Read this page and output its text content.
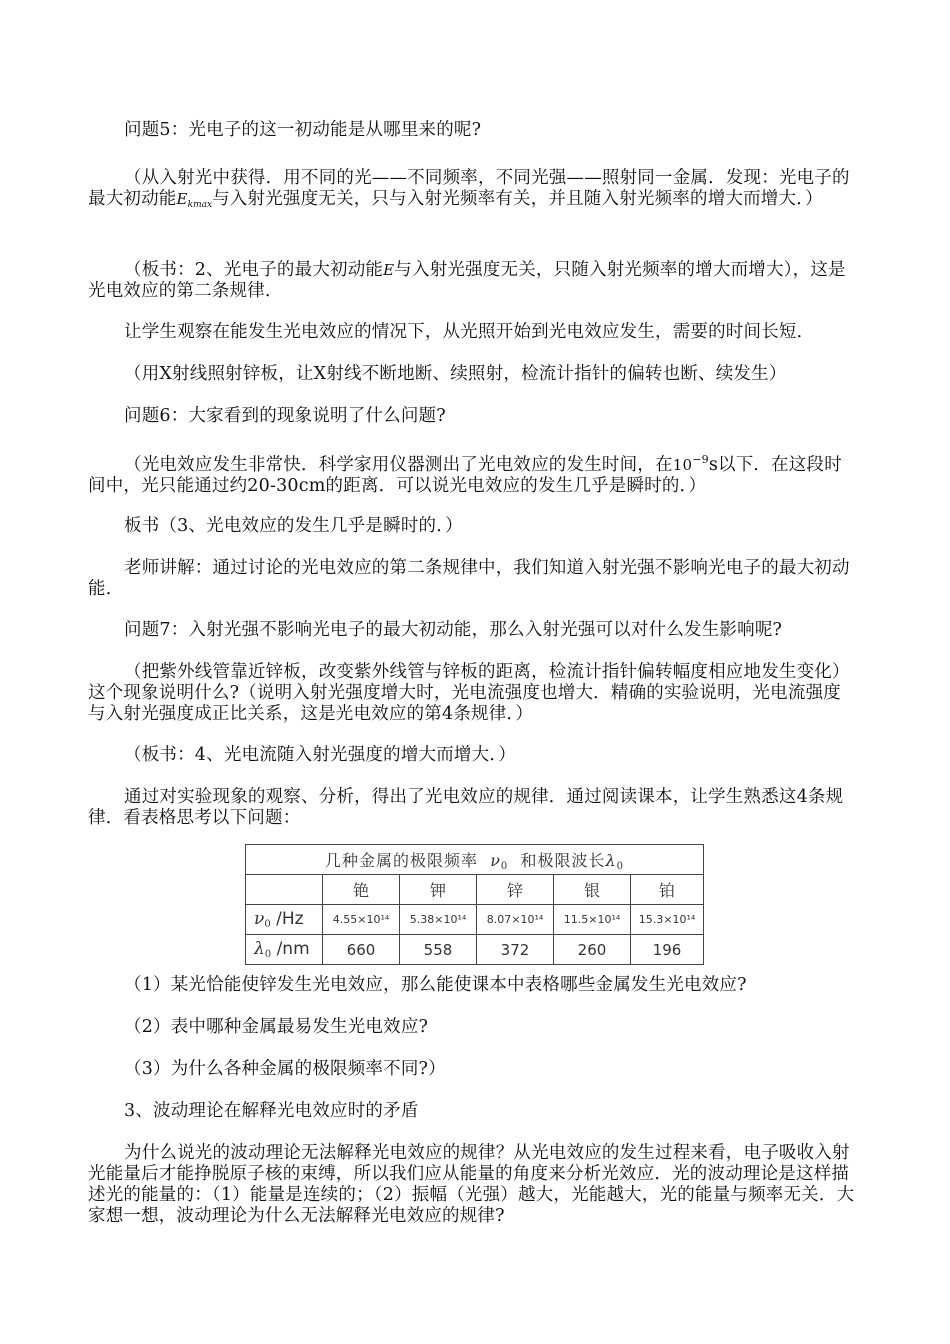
问题5：光电子的这一初动能是从哪里来的呢?
（从入射光中获得．用不同的光——不同频率，不同光强——照射同一金属．发现：光电子的最大初动能$E_{kmax}$与入射光强度无关，只与入射光频率有关，并且随入射光频率的增大而增大．）
（板书：2、光电子的最大初动能E与入射光强度无关，只随入射光频率的增大而增大），这是光电效应的第二条规律．
让学生观察在能发生光电效应的情况下，从光照开始到光电效应发生，需要的时间长短．
（用X射线照射锌板，让X射线不断地断、续照射，检流计指针的偏转也断、续发生）
问题6：大家看到的现象说明了什么问题?
（光电效应发生非常快．科学家用仪器测出了光电效应的发生时间，在$10^{-9}s$以下．在这段时间中，光只能通过约20-30cm的距离．可以说光电效应的发生几乎是瞬时的．）
板书（3、光电效应的发生几乎是瞬时的．）
老师讲解：通过讨论的光电效应的第二条规律中，我们知道入射光强不影响光电子的最大初动能．
问题7：入射光强不影响光电子的最大初动能，那么入射光强可以对什么发生影响呢?
（把紫外线管靠近锌板，改变紫外线管与锌板的距离，检流计指针偏转幅度相应地发生变化）这个现象说明什么?（说明入射光强度增大时，光电流强度也增大．精确的实验说明，光电流强度与入射光强度成正比关系，这是光电效应的第4条规律．）
（板书：4、光电流随入射光强度的增大而增大．）
通过对实验现象的观察、分析，得出了光电效应的规律．通过阅读课本，让学生熟悉这4条规律．看表格思考以下问题：
几种金属的极限频率 ν0 和极限波长λ0					
	铯	钾	锌	银	铂
ν0 /Hz	4.55×10¹⁴	5.38×10¹⁴	8.07×10¹⁴	11.5×10¹⁴	15.3×10¹⁴
λ0 /nm	660	558	372	260	196
（1）某光恰能使锌发生光电效应，那么能使课本中表格哪些金属发生光电效应?
（2）表中哪种金属最易发生光电效应?
（3）为什么各种金属的极限频率不同?）
3、波动理论在解释光电效应时的矛盾
为什么说光的波动理论无法解释光电效应的规律？从光电效应的发生过程来看，电子吸收入射光能量后才能挣脱原子核的束缚，所以我们应从能量的角度来分析光效应．光的波动理论是这样描述光的能量的：（1）能量是连续的；（2）振幅（光强）越大，光能越大，光的能量与频率无关．大家想一想，波动理论为什么无法解释光电效应的规律?
